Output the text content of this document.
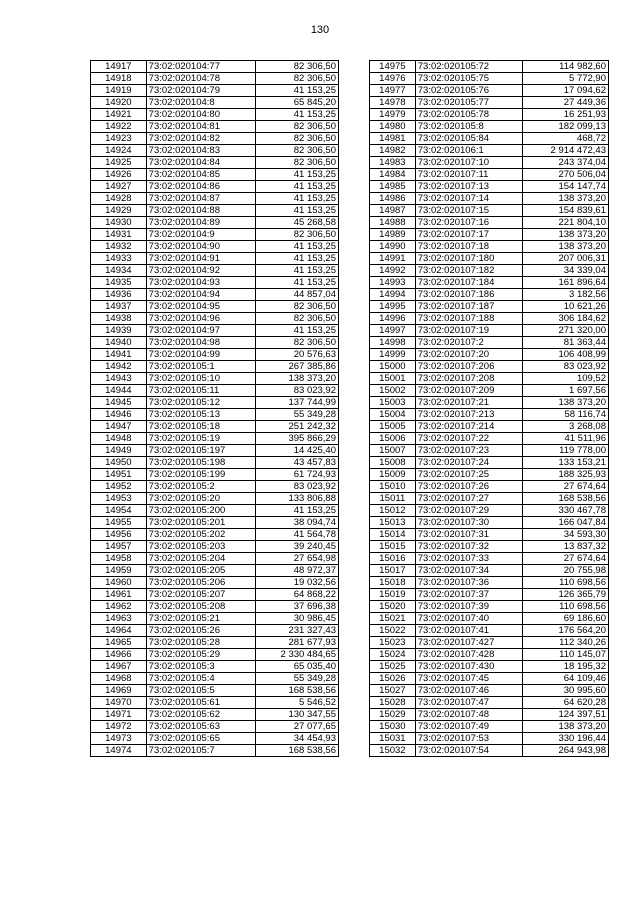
130
14917	73:02:020104:77	82 306,50
14918	73:02:020104:78	82 306,50
14919	73:02:020104:79	41 153,25
14920	73:02:020104:8	65 845,20
14921	73:02:020104:80	41 153,25
14922	73:02:020104:81	82 306,50
14923	73:02:020104:82	82 306,50
14924	73:02:020104:83	82 306,50
14925	73:02:020104:84	82 306,50
14926	73:02:020104:85	41 153,25
14927	73:02:020104:86	41 153,25
14928	73:02:020104:87	41 153,25
14929	73:02:020104:88	41 153,25
14930	73:02:020104:89	45 268,58
14931	73:02:020104:9	82 306,50
14932	73:02:020104:90	41 153,25
14933	73:02:020104:91	41 153,25
14934	73:02:020104:92	41 153,25
14935	73:02:020104:93	41 153,25
14936	73:02:020104:94	44 857,04
14937	73:02:020104:95	82 306,50
14938	73:02:020104:96	82 306,50
14939	73:02:020104:97	41 153,25
14940	73:02:020104:98	82 306,50
14941	73:02:020104:99	20 576,63
14942	73:02:020105:1	267 385,86
14943	73:02:020105:10	138 373,20
14944	73:02:020105:11	83 023,92
14945	73:02:020105:12	137 744,99
14946	73:02:020105:13	55 349,28
14947	73:02:020105:18	251 242,32
14948	73:02:020105:19	395 866,29
14949	73:02:020105:197	14 425,40
14950	73:02:020105:198	43 457,83
14951	73:02:020105:199	61 724,93
14952	73:02:020105:2	83 023,92
14953	73:02:020105:20	133 806,88
14954	73:02:020105:200	41 153,25
14955	73:02:020105:201	38 094,74
14956	73:02:020105:202	41 564,78
14957	73:02:020105:203	39 240,45
14958	73:02:020105:204	27 654,98
14959	73:02:020105:205	48 972,37
14960	73:02:020105:206	19 032,56
14961	73:02:020105:207	64 868,22
14962	73:02:020105:208	37 696,38
14963	73:02:020105:21	30 986,45
14964	73:02:020105:26	231 327,43
14965	73:02:020105:28	281 677,93
14966	73:02:020105:29	2 330 484,65
14967	73:02:020105:3	65 035,40
14968	73:02:020105:4	55 349,28
14969	73:02:020105:5	168 538,56
14970	73:02:020105:61	5 546,52
14971	73:02:020105:62	130 347,55
14972	73:02:020105:63	27 077,65
14973	73:02:020105:65	34 454,93
14974	73:02:020105:7	168 538,56
14975	73:02:020105:72	114 982,60
14976	73:02:020105:75	5 772,90
14977	73:02:020105:76	17 094,62
14978	73:02:020105:77	27 449,36
14979	73:02:020105:78	16 251,93
14980	73:02:020105:8	182 099,13
14981	73:02:020105:84	468,72
14982	73:02:020106:1	2 914 472,43
14983	73:02:020107:10	243 374,04
14984	73:02:020107:11	270 506,04
14985	73:02:020107:13	154 147,74
14986	73:02:020107:14	138 373,20
14987	73:02:020107:15	154 839,61
14988	73:02:020107:16	221 804,10
14989	73:02:020107:17	138 373,20
14990	73:02:020107:18	138 373,20
14991	73:02:020107:180	207 006,31
14992	73:02:020107:182	34 339,04
14993	73:02:020107:184	161 896,64
14994	73:02:020107:186	3 182,56
14995	73:02:020107:187	10 621,26
14996	73:02:020107:188	306 184,62
14997	73:02:020107:19	271 320,00
14998	73:02:020107:2	81 363,44
14999	73:02:020107:20	106 408,99
15000	73:02:020107:206	83 023,92
15001	73:02:020107:208	109,52
15002	73:02:020107:209	1 697,56
15003	73:02:020107:21	138 373,20
15004	73:02:020107:213	58 116,74
15005	73:02:020107:214	3 268,08
15006	73:02:020107:22	41 511,96
15007	73:02:020107:23	119 778,00
15008	73:02:020107:24	133 153,21
15009	73:02:020107:25	188 325,93
15010	73:02:020107:26	27 674,64
15011	73:02:020107:27	168 538,56
15012	73:02:020107:29	330 467,78
15013	73:02:020107:30	166 047,84
15014	73:02:020107:31	34 593,30
15015	73:02:020107:32	13 837,32
15016	73:02:020107:33	27 674,64
15017	73:02:020107:34	20 755,98
15018	73:02:020107:36	110 698,56
15019	73:02:020107:37	126 365,79
15020	73:02:020107:39	110 698,56
15021	73:02:020107:40	69 186,60
15022	73:02:020107:41	176 564,20
15023	73:02:020107:427	112 340,26
15024	73:02:020107:428	110 145,07
15025	73:02:020107:430	18 195,32
15026	73:02:020107:45	64 109,46
15027	73:02:020107:46	30 995,60
15028	73:02:020107:47	64 620,28
15029	73:02:020107:48	124 397,51
15030	73:02:020107:49	138 373,20
15031	73:02:020107:53	330 196,44
15032	73:02:020107:54	264 943,98
